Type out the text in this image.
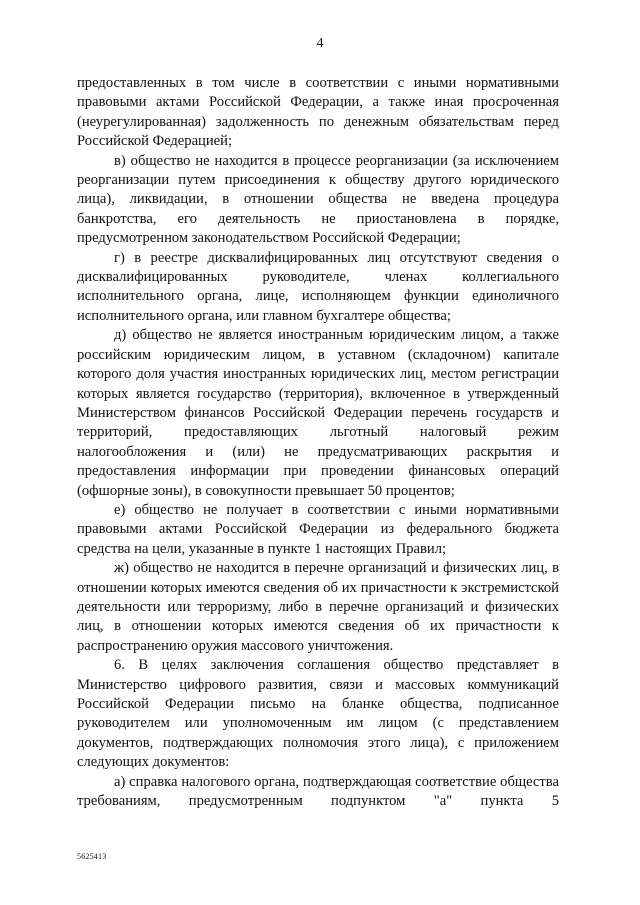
4

предоставленных в том числе в соответствии с иными нормативными правовыми актами Российской Федерации, а также иная просроченная (неурегулированная) задолженность по денежным обязательствам перед Российской Федерацией;

в) общество не находится в процессе реорганизации (за исключением реорганизации путем присоединения к обществу другого юридического лица), ликвидации, в отношении общества не введена процедура банкротства, его деятельность не приостановлена в порядке, предусмотренном законодательством Российской Федерации;

г) в реестре дисквалифицированных лиц отсутствуют сведения о дисквалифицированных руководителе, членах коллегиального исполнительного органа, лице, исполняющем функции единоличного исполнительного органа, или главном бухгалтере общества;

д) общество не является иностранным юридическим лицом, а также российским юридическим лицом, в уставном (складочном) капитале которого доля участия иностранных юридических лиц, местом регистрации которых является государство (территория), включенное в утвержденный Министерством финансов Российской Федерации перечень государств и территорий, предоставляющих льготный налоговый режим налогообложения и (или) не предусматривающих раскрытия и предоставления информации при проведении финансовых операций (офшорные зоны), в совокупности превышает 50 процентов;

е) общество не получает в соответствии с иными нормативными правовыми актами Российской Федерации из федерального бюджета средства на цели, указанные в пункте 1 настоящих Правил;

ж) общество не находится в перечне организаций и физических лиц, в отношении которых имеются сведения об их причастности к экстремистской деятельности или терроризму, либо в перечне организаций и физических лиц, в отношении которых имеются сведения об их причастности к распространению оружия массового уничтожения.

6. В целях заключения соглашения общество представляет в Министерство цифрового развития, связи и массовых коммуникаций Российской Федерации письмо на бланке общества, подписанное руководителем или уполномоченным им лицом (с представлением документов, подтверждающих полномочия этого лица), с приложением следующих документов:

а) справка налогового органа, подтверждающая соответствие общества требованиям, предусмотренным подпунктом "а" пункта 5

5625413
